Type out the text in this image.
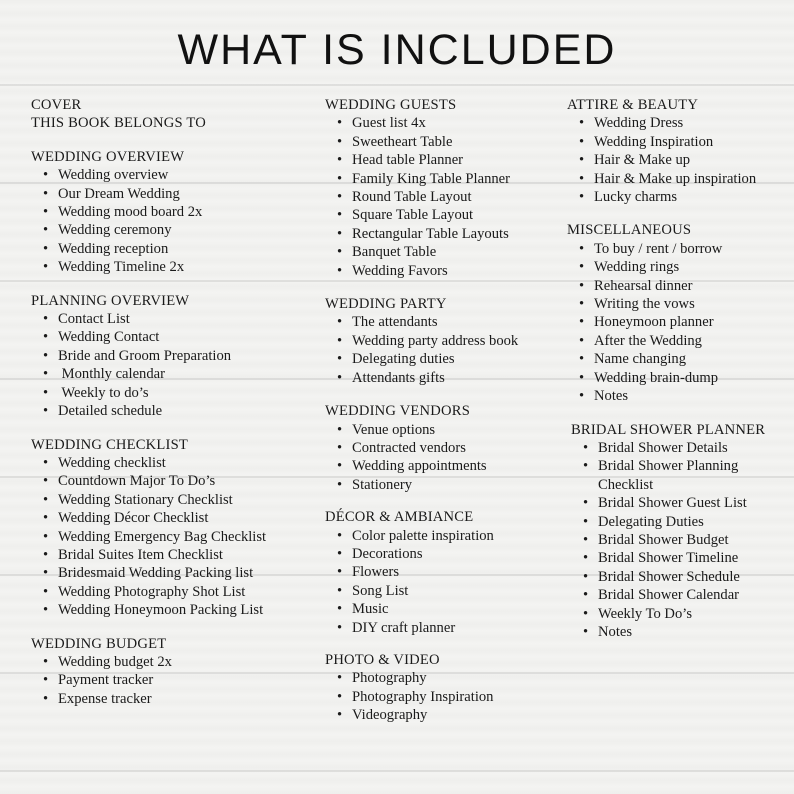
WHAT IS INCLUDED
COVER
THIS BOOK BELONGS TO
WEDDING OVERVIEW
• Wedding overview
• Our Dream Wedding
• Wedding mood board 2x
• Wedding ceremony
• Wedding reception
• Wedding Timeline 2x
PLANNING OVERVIEW
• Contact List
• Wedding Contact
• Bride and Groom Preparation
• Monthly calendar
• Weekly to do’s
• Detailed schedule
WEDDING CHECKLIST
• Wedding checklist
• Countdown Major To Do’s
• Wedding Stationary Checklist
• Wedding Décor Checklist
• Wedding Emergency Bag Checklist
• Bridal Suites Item Checklist
• Bridesmaid Wedding Packing list
• Wedding Photography Shot List
• Wedding Honeymoon Packing List
WEDDING BUDGET
• Wedding budget 2x
• Payment tracker
• Expense tracker
WEDDING GUESTS
• Guest list 4x
• Sweetheart Table
• Head table Planner
• Family King Table Planner
• Round Table Layout
• Square Table Layout
• Rectangular Table Layouts
• Banquet Table
• Wedding Favors
WEDDING PARTY
• The attendants
• Wedding party address book
• Delegating duties
• Attendants gifts
WEDDING VENDORS
• Venue options
• Contracted vendors
• Wedding appointments
• Stationery
DÉCOR & AMBIANCE
• Color palette inspiration
• Decorations
• Flowers
• Song List
• Music
• DIY craft planner
PHOTO & VIDEO
• Photography
• Photography Inspiration
• Videography
ATTIRE & BEAUTY
• Wedding Dress
• Wedding Inspiration
• Hair & Make up
• Hair & Make up inspiration
• Lucky charms
MISCELLANEOUS
• To buy / rent / borrow
• Wedding rings
• Rehearsal dinner
• Writing the vows
• Honeymoon planner
• After the Wedding
• Name changing
• Wedding brain-dump
• Notes
BRIDAL SHOWER PLANNER
• Bridal Shower Details
• Bridal Shower Planning Checklist
• Bridal Shower Guest List
• Delegating Duties
• Bridal Shower Budget
• Bridal Shower Timeline
• Bridal Shower Schedule
• Bridal Shower Calendar
• Weekly To Do’s
• Notes
